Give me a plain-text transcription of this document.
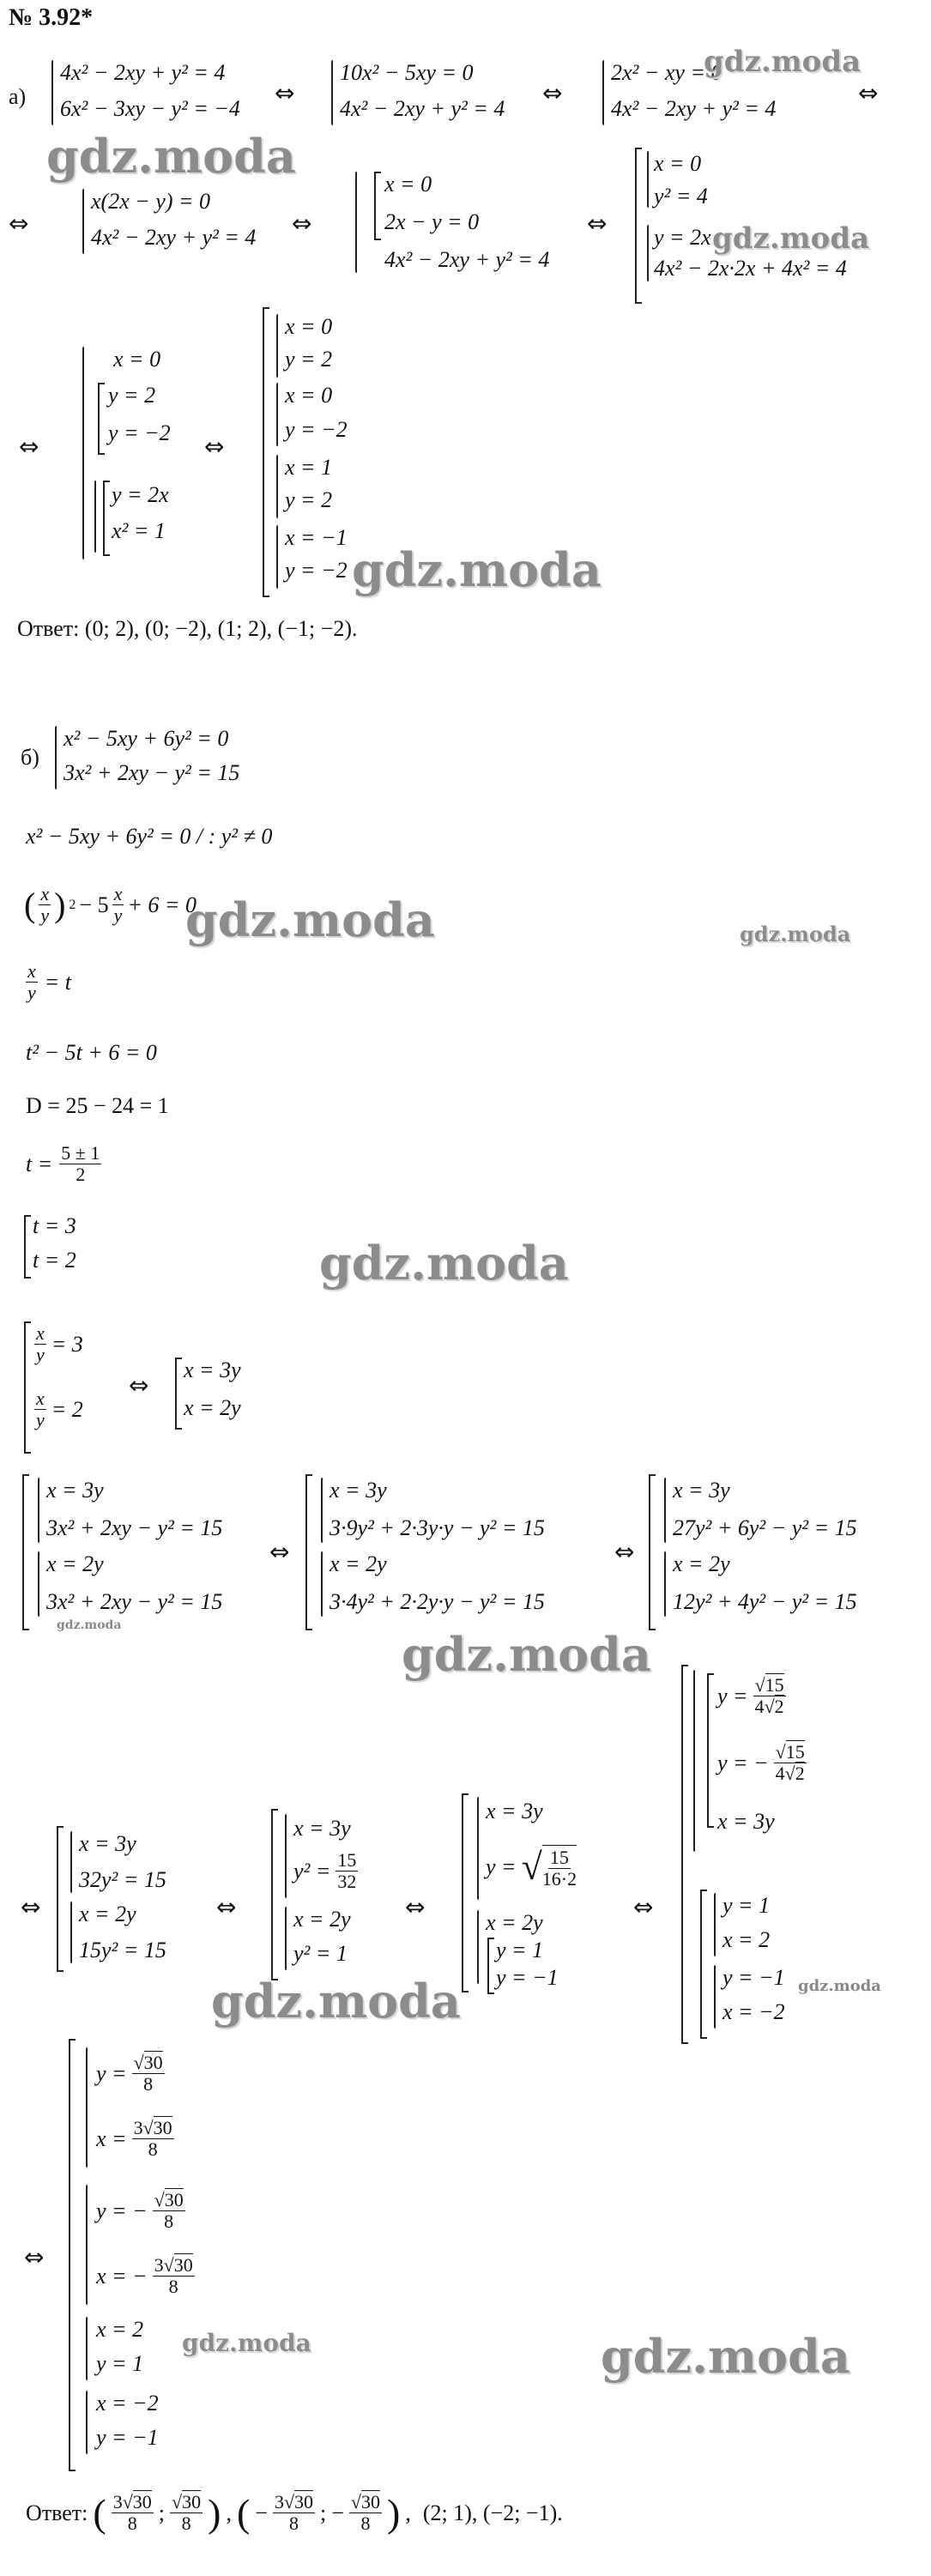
№ 3.92*
а)
4x² − 2xy + y² = 4
6x² − 3xy − y² = −4
⇔
10x² − 5xy = 0
4x² − 2xy + y² = 4
⇔
2x² − xy = 0
4x² − 2xy + y² = 4
⇔
gdz.moda
gdz.moda
⇔
x(2x − y) = 0
4x² − 2xy + y² = 4 ⇔
x = 0
2x − y = 0
4x² − 2xy + y² = 4
⇔
x = 0
y² = 4
y = 2x
4x² − 2x·2x + 4x² = 4
gdz.moda
⇔
x = 0
y = 2
y = −2
y = 2x
x² = 1
⇔
x = 0
y = 2
x = 0
y = −2
x = 1
y = 2
x = −1
y = −2 gdz.moda
Ответ: (0; 2), (0; −2), (1; 2), (−1; −2).
б)
x² − 5xy + 6y² = 0
3x² + 2xy − y² = 15
x² − 5xy + 6y² = 0 / : y² ≠ 0
( $\frac{x}{y}$ ) $2 - 5 \frac{x}{y} + 6 = 0$
gdz.moda	gdz.moda
$\frac{x}{y} = t$
t² − 5t + 6 = 0
D = 25 − 24 = 1
$t = \frac{5 \pm 1}{2}$
t = 3
t = 2	gdz.moda
$\frac{x}{y} = 3$
$\frac{x}{y} = 2$
⇔
x = 3y
x = 2y
x = 3y
3x² + 2xy − y² = 15
x = 2y
3x² + 2xy − y² = 15
gdz.moda
⇔
x = 3y
3·9y² + 2·3y·y − y² = 15
x = 2y
3·4y² + 2·2y·y − y² = 15
⇔
x = 3y
27y² + 6y² − y² = 15
x = 2y
12y² + 4y² − y² = 15
gdz.moda
⇔
x = 3y
32y² = 15
x = 2y
15y² = 15
⇔
x = 3y
$y^2 = \frac{15}{32}$
x = 2y
y² = 1
⇔
x = 3y
y = √ $\frac{15}{16\cdot 2}$
x = 2y
y = 1
y = −1
⇔
$y = \frac{√15}{4√2}$
y = − $\frac{√15}{4√2}$
x = 3y
y = 1
x = 2
y = −1
x = −2
gdz.moda
gdz.moda
⇔
$y = \frac{√30}{8}$
$x = \frac{3√30}{8}$
y = − $\frac{√30}{8}$
x = − $\frac{3√30}{8}$
x = 2
y = 1
x = −2
y = −1
gdz.moda	gdz.moda
Ответ: ( $\frac{3√30}{8}$ ; $\frac{√30}{8}$ ) , ( − $\frac{3√30}{8}$ ; − $\frac{√30}{8}$ ) , (2; 1), (−2; −1).
